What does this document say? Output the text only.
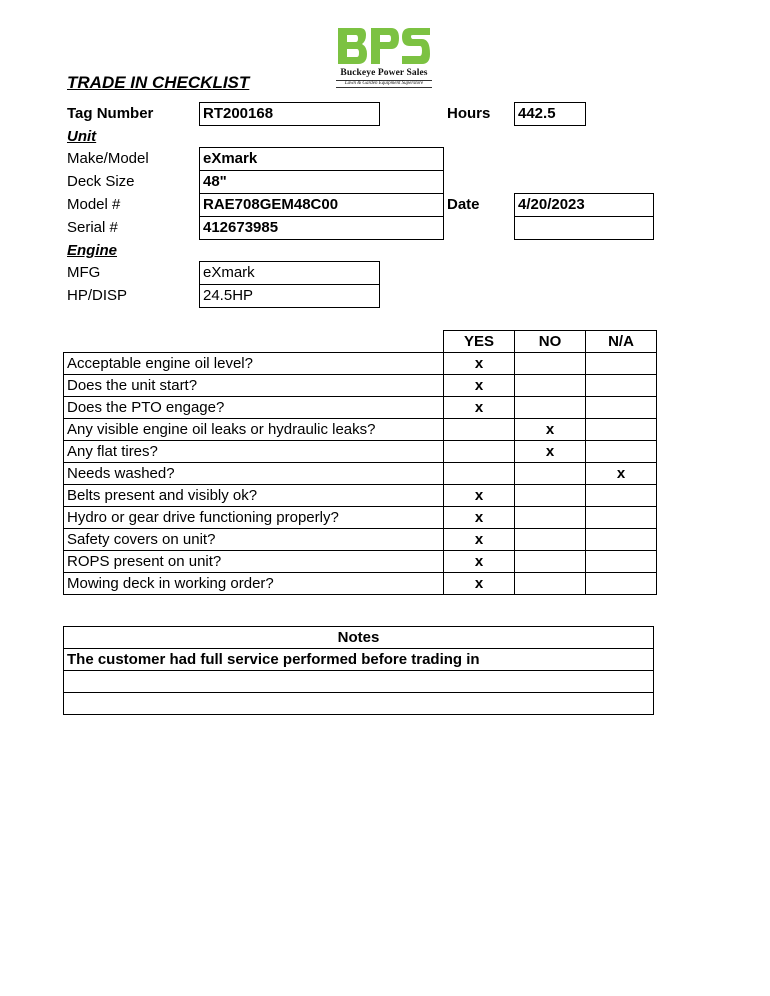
Buckeye Power Sales
Lawn & Garden Equipment Superstore
TRADE IN CHECKLIST
Tag Number	RT200168	Hours 442.5
Unit
Make/Model	eXmark
Deck Size	48"
Model #	RAE708GEM48C00
Serial #	412673985
Date	4/20/2023
Engine
MFG	eXmark
HP/DISP	24.5HP
	YES	NO	N/A
Acceptable engine oil level?	x		
Does the unit start?	x		
Does the PTO engage?	x		
Any visible engine oil leaks or hydraulic leaks?		x	
Any flat tires?		x	
Needs washed?			x
Belts present and visibly ok?	x		
Hydro or gear drive functioning properly?	x		
Safety covers on unit?	x		
ROPS present on unit?	x		
Mowing deck in working order?	x		
Notes
The customer had full service performed before trading in
